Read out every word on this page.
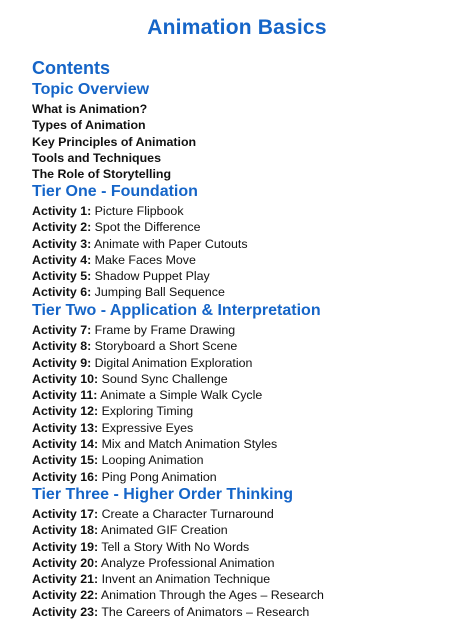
Animation Basics
Contents
Topic Overview
What is Animation?
Types of Animation
Key Principles of Animation
Tools and Techniques
The Role of Storytelling
Tier One - Foundation
Activity 1: Picture Flipbook
Activity 2: Spot the Difference
Activity 3: Animate with Paper Cutouts
Activity 4: Make Faces Move
Activity 5: Shadow Puppet Play
Activity 6: Jumping Ball Sequence
Tier Two - Application & Interpretation
Activity 7: Frame by Frame Drawing
Activity 8: Storyboard a Short Scene
Activity 9: Digital Animation Exploration
Activity 10: Sound Sync Challenge
Activity 11: Animate a Simple Walk Cycle
Activity 12: Exploring Timing
Activity 13: Expressive Eyes
Activity 14: Mix and Match Animation Styles
Activity 15: Looping Animation
Activity 16: Ping Pong Animation
Tier Three - Higher Order Thinking
Activity 17: Create a Character Turnaround
Activity 18: Animated GIF Creation
Activity 19: Tell a Story With No Words
Activity 20: Analyze Professional Animation
Activity 21: Invent an Animation Technique
Activity 22: Animation Through the Ages – Research
Activity 23: The Careers of Animators – Research
